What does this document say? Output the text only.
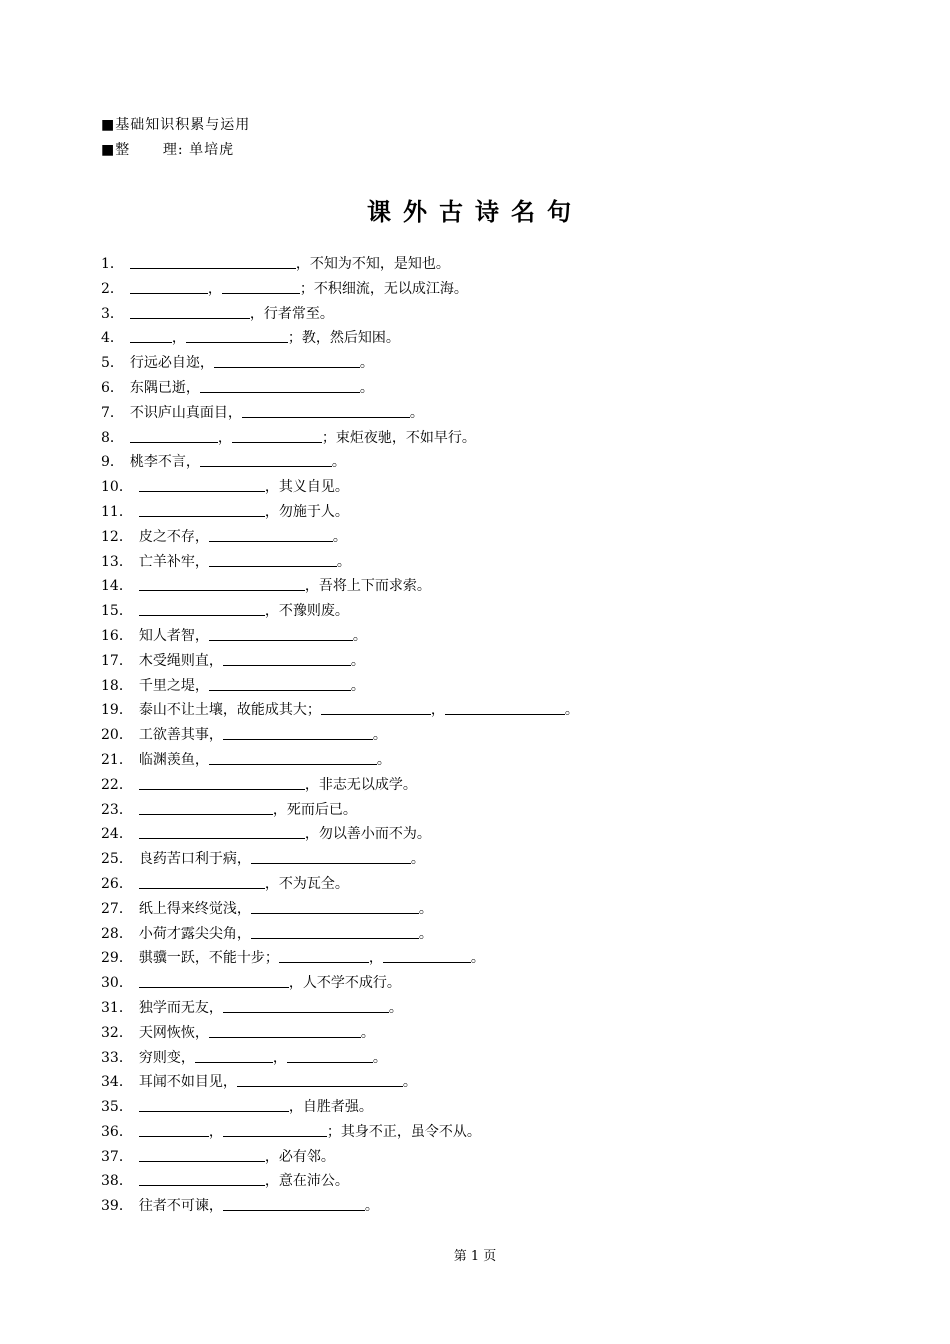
■基础知识积累与运用
■整      理: 单培虎
课外古诗名句
1．	，不知为不知，是知也。
2．	，	；不积细流，无以成江海。
3．	，行者常至。
4．	，	；教，然后知困。
5． 行远必自迩，	。
6． 东隅已逝，	。
7． 不识庐山真面目，	。
8．	，	；束炬夜驰，不如早行。
9． 桃李不言，	。
10．	，其义自见。
11．	，勿施于人。
12． 皮之不存，	。
13． 亡羊补牢，	。
14．	，吾将上下而求索。
15．	，不豫则废。
16． 知人者智，	。
17． 木受绳则直，	。
18． 千里之堤，	。
19． 泰山不让土壤，故能成其大；	，	。
20． 工欲善其事，	。
21． 临渊羡鱼，	。
22．	，非志无以成学。
23．	，死而后已。
24．	，勿以善小而不为。
25． 良药苦口利于病，	。
26．	，不为瓦全。
27． 纸上得来终觉浅，	。
28． 小荷才露尖尖角，	。
29． 骐骥一跃，不能十步；	，	。
30．	，人不学不成行。
31． 独学而无友，	。
32． 天网恢恢，	。
33． 穷则变，	，	。
34． 耳闻不如目见，	。
35．	，自胜者强。
36．	，	；其身不正，虽令不从。
37．	，必有邻。
38．	，意在沛公。
39． 往者不可谏，	。
第 1 页
